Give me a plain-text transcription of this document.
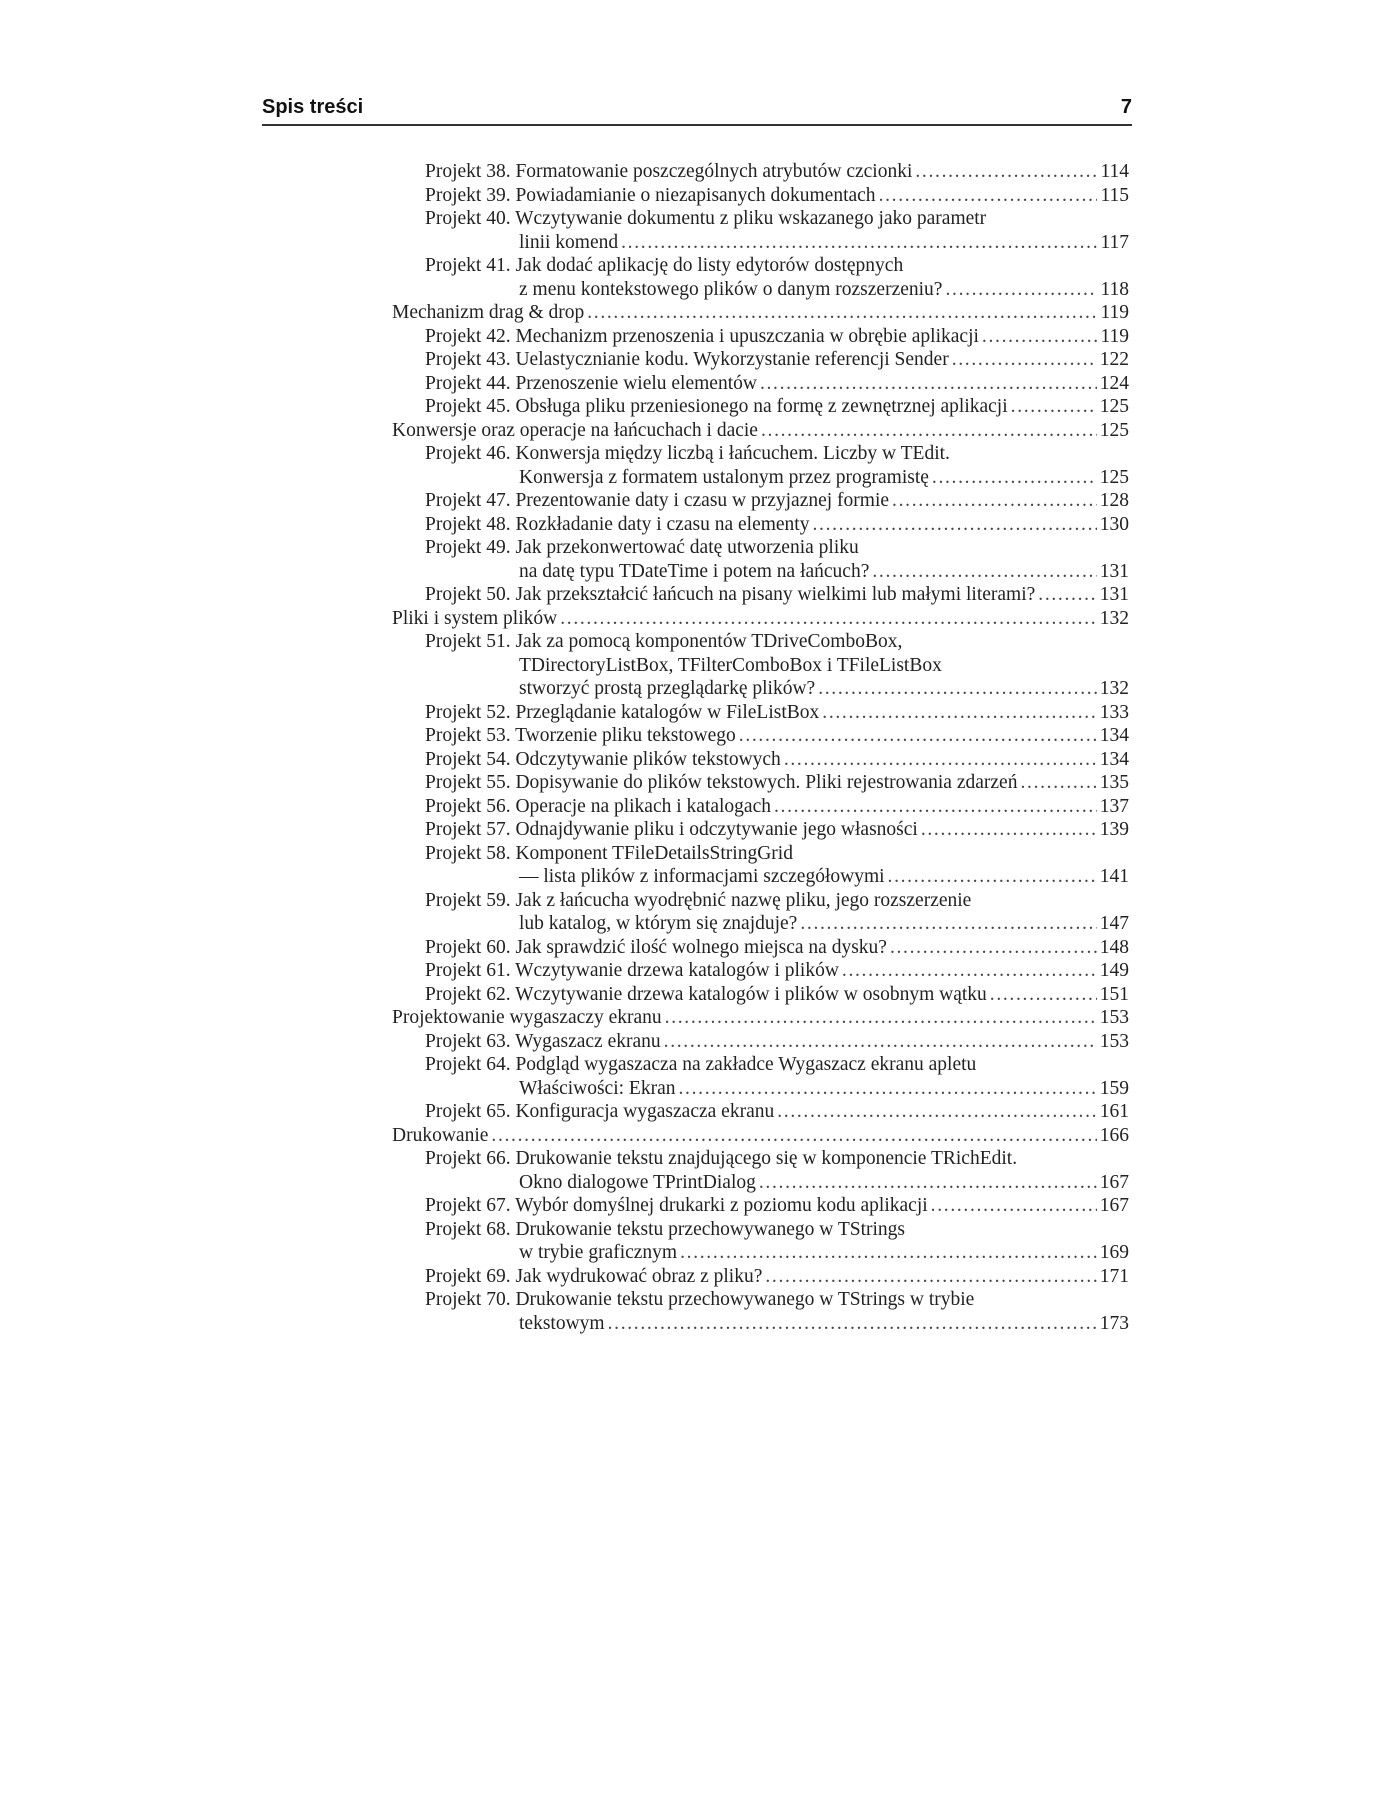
Spis treści	7
Projekt 38. Formatowanie poszczególnych atrybutów czcionki . . .	114
Projekt 39. Powiadamianie o niezapisanych dokumentach . . .	115
Projekt 40. Wczytywanie dokumentu z pliku wskazanego jako parametr
linii komend . . .	117
Projekt 41. Jak dodać aplikację do listy edytorów dostępnych
z menu kontekstowego plików o danym rozszerzeniu? . . .	118
Mechanizm drag & drop . . .	119
Projekt 42. Mechanizm przenoszenia i upuszczania w obrębie aplikacji . . .	119
Projekt 43. Uelastycznianie kodu. Wykorzystanie referencji Sender . . .	122
Projekt 44. Przenoszenie wielu elementów . . .	124
Projekt 45. Obsługa pliku przeniesionego na formę z zewnętrznej aplikacji . . .	125
Konwersje oraz operacje na łańcuchach i dacie . . .	125
Projekt 46. Konwersja między liczbą i łańcuchem. Liczby w TEdit.
Konwersja z formatem ustalonym przez programistę . . .	125
Projekt 47. Prezentowanie daty i czasu w przyjaznej formie . . .	128
Projekt 48. Rozkładanie daty i czasu na elementy . . .	130
Projekt 49. Jak przekonwertować datę utworzenia pliku
na datę typu TDateTime i potem na łańcuch? . . .	131
Projekt 50. Jak przekształcić łańcuch na pisany wielkimi lub małymi literami? . . .	131
Pliki i system plików . . .	132
Projekt 51. Jak za pomocą komponentów TDriveComboBox,
TDirectoryListBox, TFilterComboBox i TFileListBox
stworzyć prostą przeglądarkę plików? . . .	132
Projekt 52. Przeglądanie katalogów w FileListBox . . .	133
Projekt 53. Tworzenie pliku tekstowego . . .	134
Projekt 54. Odczytywanie plików tekstowych . . .	134
Projekt 55. Dopisywanie do plików tekstowych. Pliki rejestrowania zdarzeń . . .	135
Projekt 56. Operacje na plikach i katalogach . . .	137
Projekt 57. Odnajdywanie pliku i odczytywanie jego własności . . .	139
Projekt 58. Komponent TFileDetailsStringGrid
— lista plików z informacjami szczegółowymi . . .	141
Projekt 59. Jak z łańcucha wyodrębnić nazwę pliku, jego rozszerzenie
lub katalog, w którym się znajduje? . . .	147
Projekt 60. Jak sprawdzić ilość wolnego miejsca na dysku? . . .	148
Projekt 61. Wczytywanie drzewa katalogów i plików . . .	149
Projekt 62. Wczytywanie drzewa katalogów i plików w osobnym wątku . . .	151
Projektowanie wygaszaczy ekranu . . .	153
Projekt 63. Wygaszacz ekranu . . .	153
Projekt 64. Podgląd wygaszacza na zakładce Wygaszacz ekranu apletu
Właściwości: Ekran . . .	159
Projekt 65. Konfiguracja wygaszacza ekranu . . .	161
Drukowanie . . .	166
Projekt 66. Drukowanie tekstu znajdującego się w komponencie TRichEdit.
Okno dialogowe TPrintDialog . . .	167
Projekt 67. Wybór domyślnej drukarki z poziomu kodu aplikacji . . .	167
Projekt 68. Drukowanie tekstu przechowywanego w TStrings
w trybie graficznym . . .	169
Projekt 69. Jak wydrukować obraz z pliku? . . .	171
Projekt 70. Drukowanie tekstu przechowywanego w TStrings w trybie
tekstowym . . .	173
